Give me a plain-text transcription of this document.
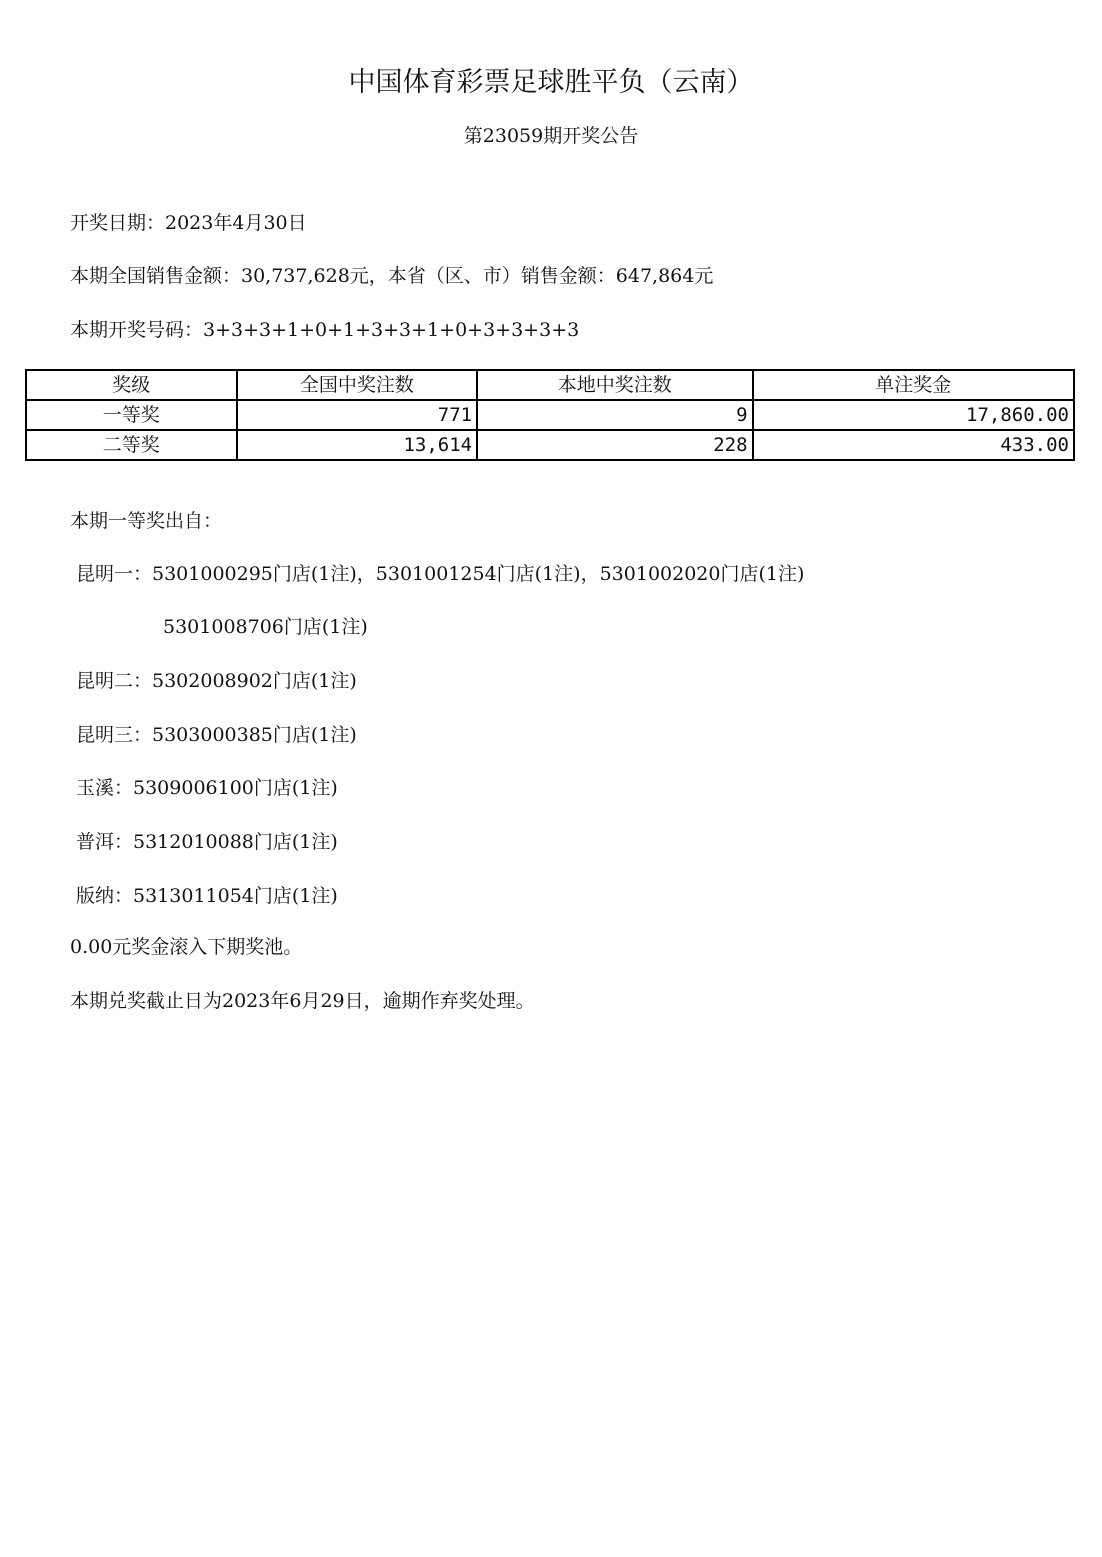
中国体育彩票足球胜平负（云南）
第23059期开奖公告
开奖日期：2023年4月30日
本期全国销售金额：30,737,628元，本省（区、市）销售金额：647,864元
本期开奖号码：3+3+3+1+0+1+3+3+1+0+3+3+3+3
奖级	全国中奖注数	本地中奖注数	单注奖金
一等奖	771	9	17,860.00
二等奖	13,614	228	433.00
本期一等奖出自：
昆明一：5301000295门店(1注)，5301001254门店(1注)，5301002020门店(1注)
5301008706门店(1注)
昆明二：5302008902门店(1注)
昆明三：5303000385门店(1注)
玉溪：5309006100门店(1注)
普洱：5312010088门店(1注)
版纳：5313011054门店(1注)
0.00元奖金滚入下期奖池。
本期兑奖截止日为2023年6月29日，逾期作弃奖处理。
